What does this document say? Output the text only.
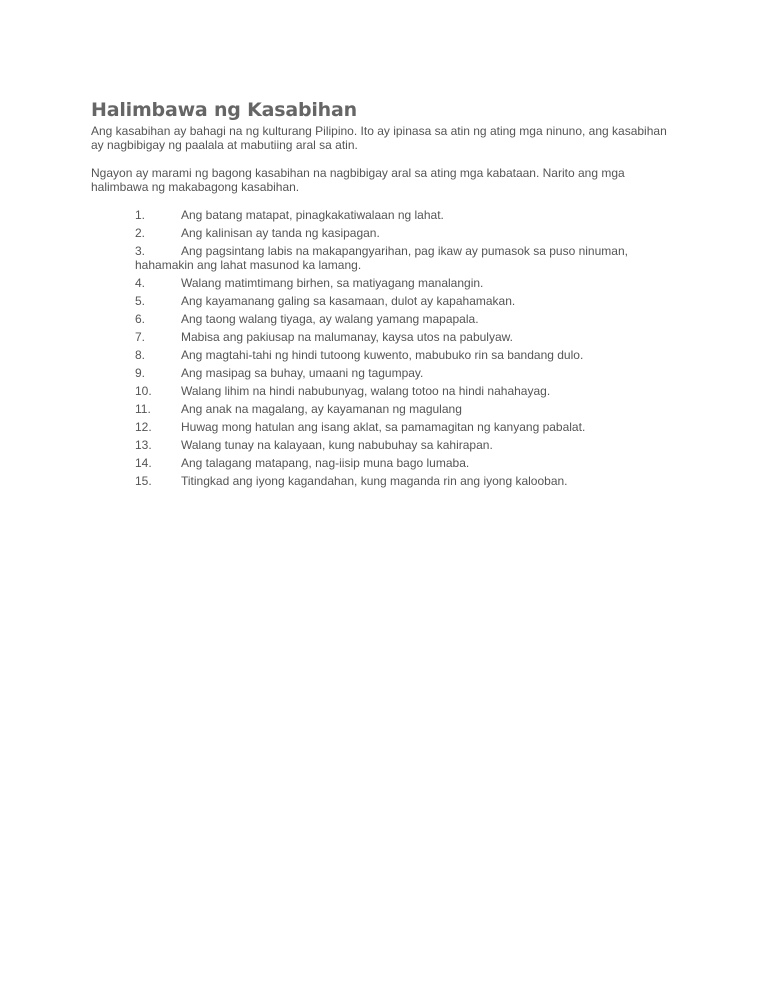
Halimbawa ng Kasabihan

Ang kasabihan ay bahagi na ng kulturang Pilipino. Ito ay ipinasa sa atin ng ating mga ninuno, ang kasabihan ay nagbibigay ng paalala at mabutiing aral sa atin.

Ngayon ay marami ng bagong kasabihan na nagbibigay aral sa ating mga kabataan. Narito ang mga halimbawa ng makabagong kasabihan.

1.	Ang batang matapat, pinagkakatiwalaan ng lahat.
2.	Ang kalinisan ay tanda ng kasipagan.
3.	Ang pagsintang labis na makapangyarihan, pag ikaw ay pumasok sa puso ninuman, hahamakin ang lahat masunod ka lamang.
4.	Walang matimtimang birhen, sa matiyagang manalangin.
5.	Ang kayamanang galing sa kasamaan, dulot ay kapahamakan.
6.	Ang taong walang tiyaga, ay walang yamang mapapala.
7.	Mabisa ang pakiusap na malumanay, kaysa utos na pabulyaw.
8.	Ang magtahi-tahi ng hindi tutoong kuwento, mabubuko rin sa bandang dulo.
9.	Ang masipag sa buhay, umaani ng tagumpay.
10. Walang lihim na hindi nabubunyag, walang totoo na hindi nahahayag.
11.	Ang anak na magalang, ay kayamanan ng magulang
12. Huwag mong hatulan ang isang aklat, sa pamamagitan ng kanyang pabalat.
13. Walang tunay na kalayaan, kung nabubuhay sa kahirapan.
14. Ang talagang matapang, nag-iisip muna bago lumaba.
15. Titingkad ang iyong kagandahan, kung maganda rin ang iyong kalooban.
